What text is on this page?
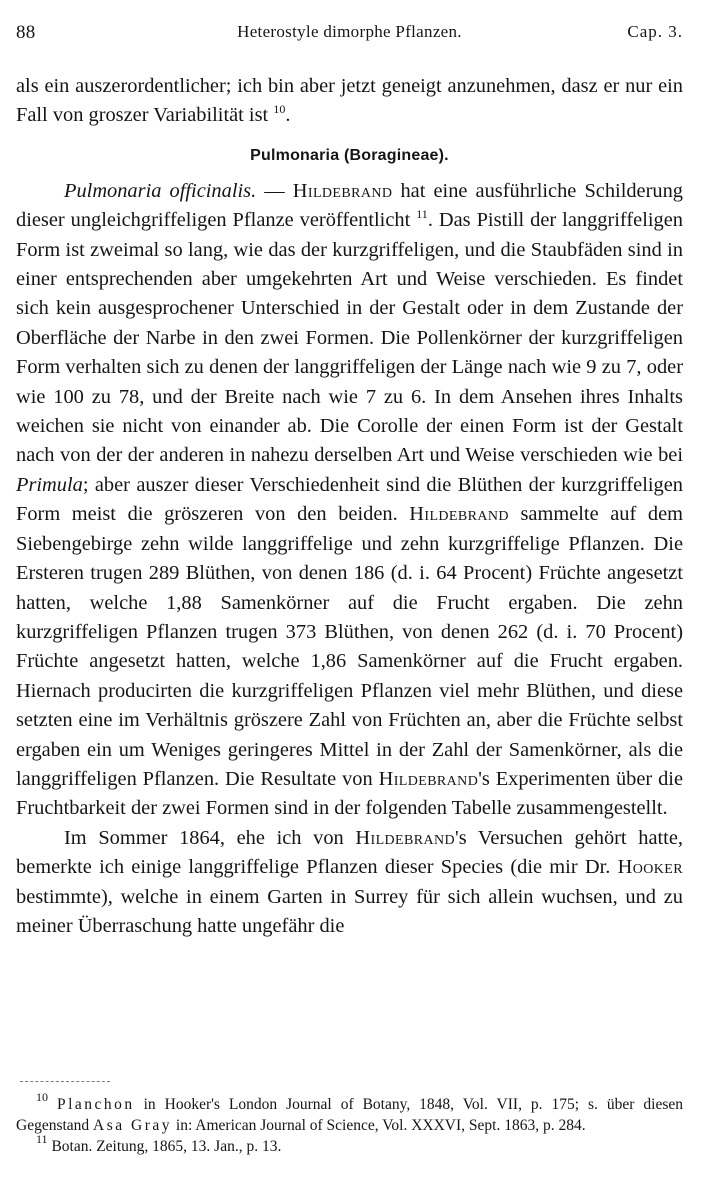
88	Heterostyle dimorphe Pflanzen.	Cap. 3.

als ein auszerordentlicher; ich bin aber jetzt geneigt anzunehmen, dasz er nur ein Fall von groszer Variabilität ist $^{10}$.

Pulmonaria (Boragineae).

Pulmonaria officinalis. — Hildebrand hat eine ausführliche Schilderung dieser ungleichgriffeligen Pflanze veröffentlicht $^{11}$. Das Pistill der langgriffeligen Form ist zweimal so lang, wie das der kurzgriffeligen, und die Staubfäden sind in einer entsprechenden aber umgekehrten Art und Weise verschieden. Es findet sich kein ausgesprochener Unterschied in der Gestalt oder in dem Zustande der Oberfläche der Narbe in den zwei Formen. Die Pollenkörner der kurzgriffeligen Form verhalten sich zu denen der langgriffeligen der Länge nach wie 9 zu 7, oder wie 100 zu 78, und der Breite nach wie 7 zu 6. In dem Ansehen ihres Inhalts weichen sie nicht von einander ab. Die Corolle der einen Form ist der Gestalt nach von der der anderen in nahezu derselben Art und Weise verschieden wie bei Primula; aber auszer dieser Verschiedenheit sind die Blüthen der kurzgriffeligen Form meist die gröszeren von den beiden. Hildebrand sammelte auf dem Siebengebirge zehn wilde langgriffelige und zehn kurzgriffelige Pflanzen. Die Ersteren trugen 289 Blüthen, von denen 186 (d. i. 64 Procent) Früchte angesetzt hatten, welche 1,88 Samenkörner auf die Frucht ergaben. Die zehn kurzgriffeligen Pflanzen trugen 373 Blüthen, von denen 262 (d. i. 70 Procent) Früchte angesetzt hatten, welche 1,86 Samenkörner auf die Frucht ergaben. Hiernach producirten die kurzgriffeligen Pflanzen viel mehr Blüthen, und diese setzten eine im Verhältnis gröszere Zahl von Früchten an, aber die Früchte selbst ergaben ein um Weniges geringeres Mittel in der Zahl der Samenkörner, als die langgriffeligen Pflanzen. Die Resultate von Hildebrand's Experimenten über die Fruchtbarkeit der zwei Formen sind in der folgenden Tabelle zusammengestellt.

Im Sommer 1864, ehe ich von Hildebrand's Versuchen gehört hatte, bemerkte ich einige langgriffelige Pflanzen dieser Species (die mir Dr. Hooker bestimmte), welche in einem Garten in Surrey für sich allein wuchsen, und zu meiner Überraschung hatte ungefähr die

$^{10}$ Planchon in Hooker's London Journal of Botany, 1848, Vol. VII, p. 175; s. über diesen Gegenstand Asa Gray in: American Journal of Science, Vol. XXXVI, Sept. 1863, p. 284.

$^{11}$ Botan. Zeitung, 1865, 13. Jan., p. 13.
